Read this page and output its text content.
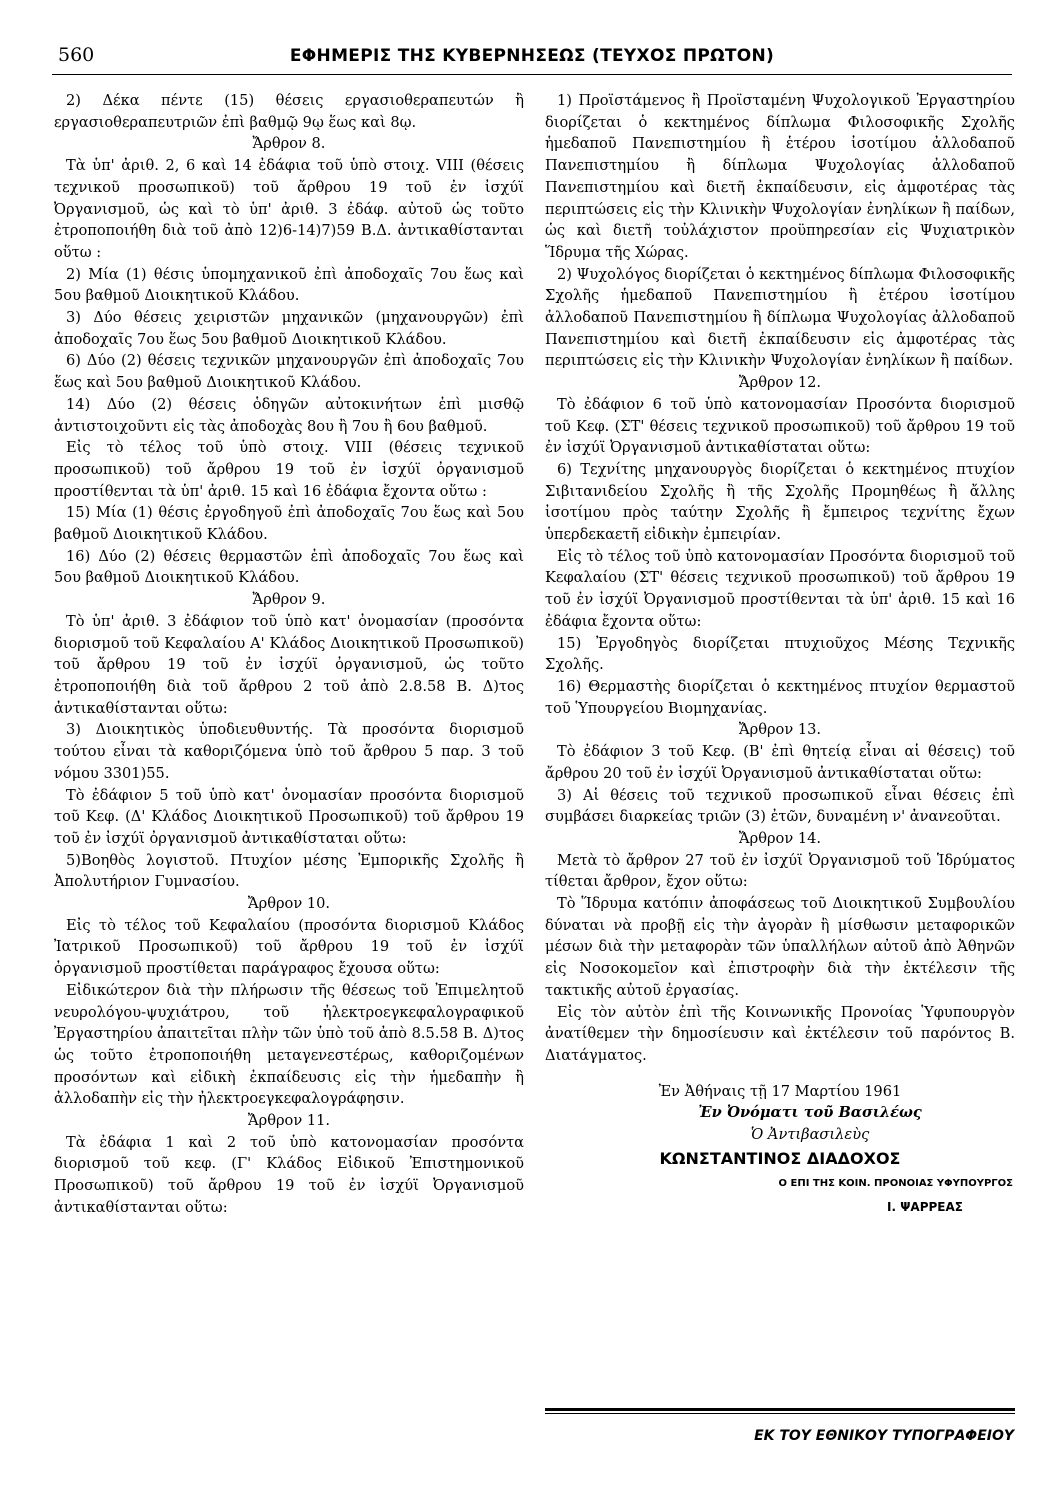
560	ΕΦΗΜΕΡΙΣ ΤΗΣ ΚΥΒΕΡΝΗΣΕΩΣ (ΤΕΥΧΟΣ ΠΡΩΤΟΝ)

2) Δέκα πέντε (15) θέσεις εργασιοθεραπευτών ἢ εργασιοθεραπευτριῶν ἐπὶ βαθμῷ 9ῳ ἕως καὶ 8ῳ.

Ἄρθρον 8.

Τὰ ὑπ' ἀριθ. 2, 6 καὶ 14 ἐδάφια τοῦ ὑπὸ στοιχ. VIII (θέσεις τεχνικοῦ προσωπικοῦ) τοῦ ἄρθρου 19 τοῦ ἐν ἰσχύϊ Ὀργανισμοῦ, ὡς καὶ τὸ ὑπ' ἀριθ. 3 ἐδάφ. αὐτοῦ ὡς τοῦτο ἐτροποποιήθη διὰ τοῦ ἀπὸ 12)6-14)7)59 Β.Δ. ἀντικαθίστανται οὕτω :

2) Μία (1) θέσις ὑπομηχανικοῦ ἐπὶ ἀποδοχαῖς 7ου ἕως καὶ 5ου βαθμοῦ Διοικητικοῦ Κλάδου.

3) Δύο θέσεις χειριστῶν μηχανικῶν (μηχανουργῶν) ἐπὶ ἀποδοχαῖς 7ου ἕως 5ου βαθμοῦ Διοικητικοῦ Κλάδου.

6) Δύο (2) θέσεις τεχνικῶν μηχανουργῶν ἐπὶ ἀποδοχαῖς 7ου ἕως καὶ 5ου βαθμοῦ Διοικητικοῦ Κλάδου.

14) Δύο (2) θέσεις ὁδηγῶν αὐτοκινήτων ἐπὶ μισθῷ ἀντιστοιχοῦντι εἰς τὰς ἀποδοχὰς 8ου ἢ 7ου ἢ 6ου βαθμοῦ.

Εἰς τὸ τέλος τοῦ ὑπὸ στοιχ. VIII (θέσεις τεχνικοῦ προσωπικοῦ) τοῦ ἄρθρου 19 τοῦ ἐν ἰσχύϊ ὀργανισμοῦ προστίθενται τὰ ὑπ' ἀριθ. 15 καὶ 16 ἐδάφια ἔχοντα οὕτω :

15) Μία (1) θέσις ἐργοδηγοῦ ἐπὶ ἀποδοχαῖς 7ου ἕως καὶ 5ου βαθμοῦ Διοικητικοῦ Κλάδου.

16) Δύο (2) θέσεις θερμαστῶν ἐπὶ ἀποδοχαῖς 7ου ἕως καὶ 5ου βαθμοῦ Διοικητικοῦ Κλάδου.

Ἄρθρον 9.

Τὸ ὑπ' ἀριθ. 3 ἐδάφιον τοῦ ὑπὸ κατ' ὀνομασίαν (προσόντα διορισμοῦ τοῦ Κεφαλαίου Α' Κλάδος Διοικητικοῦ Προσωπικοῦ) τοῦ ἄρθρου 19 τοῦ ἐν ἰσχύϊ ὀργανισμοῦ, ὡς τοῦτο ἐτροποποιήθη διὰ τοῦ ἄρθρου 2 τοῦ ἀπὸ 2.8.58 Β. Δ)τος ἀντικαθίστανται οὕτω:

3) Διοικητικὸς ὑποδιευθυντής. Τὰ προσόντα διορισμοῦ τούτου εἶναι τὰ καθοριζόμενα ὑπὸ τοῦ ἄρθρου 5 παρ. 3 τοῦ νόμου 3301)55.

Τὸ ἐδάφιον 5 τοῦ ὑπὸ κατ' ὀνομασίαν προσόντα διορισμοῦ τοῦ Κεφ. (Δ' Κλάδος Διοικητικοῦ Προσωπικοῦ) τοῦ ἄρθρου 19 τοῦ ἐν ἰσχύϊ ὀργανισμοῦ ἀντικαθίσταται οὕτω:

5)Βοηθὸς λογιστοῦ. Πτυχίον μέσης Ἐμπορικῆς Σχολῆς ἢ Ἀπολυτήριον Γυμνασίου.

Ἄρθρον 10.

Εἰς τὸ τέλος τοῦ Κεφαλαίου (προσόντα διορισμοῦ Κλάδος Ἰατρικοῦ Προσωπικοῦ) τοῦ ἄρθρου 19 τοῦ ἐν ἰσχύϊ ὀργανισμοῦ προστίθεται παράγραφος ἔχουσα οὕτω:

Εἰδικώτερον διὰ τὴν πλήρωσιν τῆς θέσεως τοῦ Ἐπιμελητοῦ νευρολόγου-ψυχιάτρου, τοῦ ἠλεκτροεγκεφαλογραφικοῦ Ἐργαστηρίου ἀπαιτεῖται πλὴν τῶν ὑπὸ τοῦ ἀπὸ 8.5.58 Β. Δ)τος ὡς τοῦτο ἐτροποποιήθη μεταγενεστέρως, καθοριζομένων προσόντων καὶ εἰδικὴ ἐκπαίδευσις εἰς τὴν ἡμεδαπὴν ἢ ἀλλοδαπὴν εἰς τὴν ἠλεκτροεγκεφαλογράφησιν.

Ἄρθρον 11.

Τὰ ἐδάφια 1 καὶ 2 τοῦ ὑπὸ κατονομασίαν προσόντα διορισμοῦ τοῦ κεφ. (Γ' Κλάδος Εἰδικοῦ Ἐπιστημονικοῦ Προσωπικοῦ) τοῦ ἄρθρου 19 τοῦ ἐν ἰσχύϊ Ὀργανισμοῦ ἀντικαθίστανται οὕτω:

1) Προϊστάμενος ἢ Προϊσταμένη Ψυχολογικοῦ Ἐργαστηρίου διορίζεται ὁ κεκτημένος δίπλωμα Φιλοσοφικῆς Σχολῆς ἡμεδαποῦ Πανεπιστημίου ἢ ἑτέρου ἰσοτίμου ἀλλοδαποῦ Πανεπιστημίου ἢ δίπλωμα Ψυχολογίας ἀλλοδαποῦ Πανεπιστημίου καὶ διετῆ ἐκπαίδευσιν, εἰς ἀμφοτέρας τὰς περιπτώσεις εἰς τὴν Κλινικὴν Ψυχολογίαν ἐνηλίκων ἢ παίδων, ὡς καὶ διετῆ τοὐλάχιστον προϋπηρεσίαν εἰς Ψυχιατρικὸν Ἵδρυμα τῆς Χώρας.

2) Ψυχολόγος διορίζεται ὁ κεκτημένος δίπλωμα Φιλοσοφικῆς Σχολῆς ἡμεδαποῦ Πανεπιστημίου ἢ ἑτέρου ἰσοτίμου ἀλλοδαποῦ Πανεπιστημίου ἢ δίπλωμα Ψυχολογίας ἀλλοδαποῦ Πανεπιστημίου καὶ διετῆ ἐκπαίδευσιν εἰς ἀμφοτέρας τὰς περιπτώσεις εἰς τὴν Κλινικὴν Ψυχολογίαν ἐνηλίκων ἢ παίδων.

Ἄρθρον 12.

Τὸ ἐδάφιον 6 τοῦ ὑπὸ κατονομασίαν Προσόντα διορισμοῦ τοῦ Κεφ. (ΣΤ' θέσεις τεχνικοῦ προσωπικοῦ) τοῦ ἄρθρου 19 τοῦ ἐν ἰσχύϊ Ὀργανισμοῦ ἀντικαθίσταται οὕτω:

6) Τεχνίτης μηχανουργὸς διορίζεται ὁ κεκτημένος πτυχίον Σιβιτανιδείου Σχολῆς ἢ τῆς Σχολῆς Προμηθέως ἢ ἄλλης ἰσοτίμου πρὸς ταύτην Σχολῆς ἢ ἔμπειρος τεχνίτης ἔχων ὑπερδεκαετῆ εἰδικὴν ἐμπειρίαν.

Εἰς τὸ τέλος τοῦ ὑπὸ κατονομασίαν Προσόντα διορισμοῦ τοῦ Κεφαλαίου (ΣΤ' θέσεις τεχνικοῦ προσωπικοῦ) τοῦ ἄρθρου 19 τοῦ ἐν ἰσχύϊ Ὀργανισμοῦ προστίθενται τὰ ὑπ' ἀριθ. 15 καὶ 16 ἐδάφια ἔχοντα οὕτω:

15) Ἐργοδηγὸς διορίζεται πτυχιοῦχος Μέσης Τεχνικῆς Σχολῆς.

16) Θερμαστὴς διορίζεται ὁ κεκτημένος πτυχίον θερμαστοῦ τοῦ Ὑπουργείου Βιομηχανίας.

Ἄρθρον 13.

Τὸ ἐδάφιον 3 τοῦ Κεφ. (Β' ἐπὶ θητείᾳ εἶναι αἱ θέσεις) τοῦ ἄρθρου 20 τοῦ ἐν ἰσχύϊ Ὀργανισμοῦ ἀντικαθίσταται οὕτω:

3) Αἱ θέσεις τοῦ τεχνικοῦ προσωπικοῦ εἶναι θέσεις ἐπὶ συμβάσει διαρκείας τριῶν (3) ἐτῶν, δυναμένη ν' ἀνανεοῦται.

Ἄρθρον 14.

Μετὰ τὸ ἄρθρον 27 τοῦ ἐν ἰσχύϊ Ὀργανισμοῦ τοῦ Ἱδρύματος τίθεται ἄρθρον, ἔχον οὕτω:

Τὸ Ἵδρυμα κατόπιν ἀποφάσεως τοῦ Διοικητικοῦ Συμβουλίου δύναται νὰ προβῇ εἰς τὴν ἀγορὰν ἢ μίσθωσιν μεταφορικῶν μέσων διὰ τὴν μεταφορὰν τῶν ὑπαλλήλων αὐτοῦ ἀπὸ Ἀθηνῶν εἰς Νοσοκομεῖον καὶ ἐπιστροφὴν διὰ τὴν ἐκτέλεσιν τῆς τακτικῆς αὐτοῦ ἐργασίας.

Εἰς τὸν αὐτὸν ἐπὶ τῆς Κοινωνικῆς Προνοίας Ὑφυπουργὸν ἀνατίθεμεν τὴν δημοσίευσιν καὶ ἐκτέλεσιν τοῦ παρόντος Β. Διατάγματος.

Ἐν Ἀθήναις τῇ 17 Μαρτίου 1961

Ἐν Ὀνόματι τοῦ Βασιλέως

Ὁ Ἀντιβασιλεὺς

ΚΩΝΣΤΑΝΤΙΝΟΣ ΔΙΑΔΟΧΟΣ

Ο ΕΠΙ ΤΗΣ ΚΟΙΝ. ΠΡΟΝΟΙΑΣ ΥΦΥΠΟΥΡΓΟΣ

Ι. ΨΑΡΡΕΑΣ

ΕΚ ΤΟΥ ΕΘΝΙΚΟΥ ΤΥΠΟΓΡΑΦΕΙΟΥ
